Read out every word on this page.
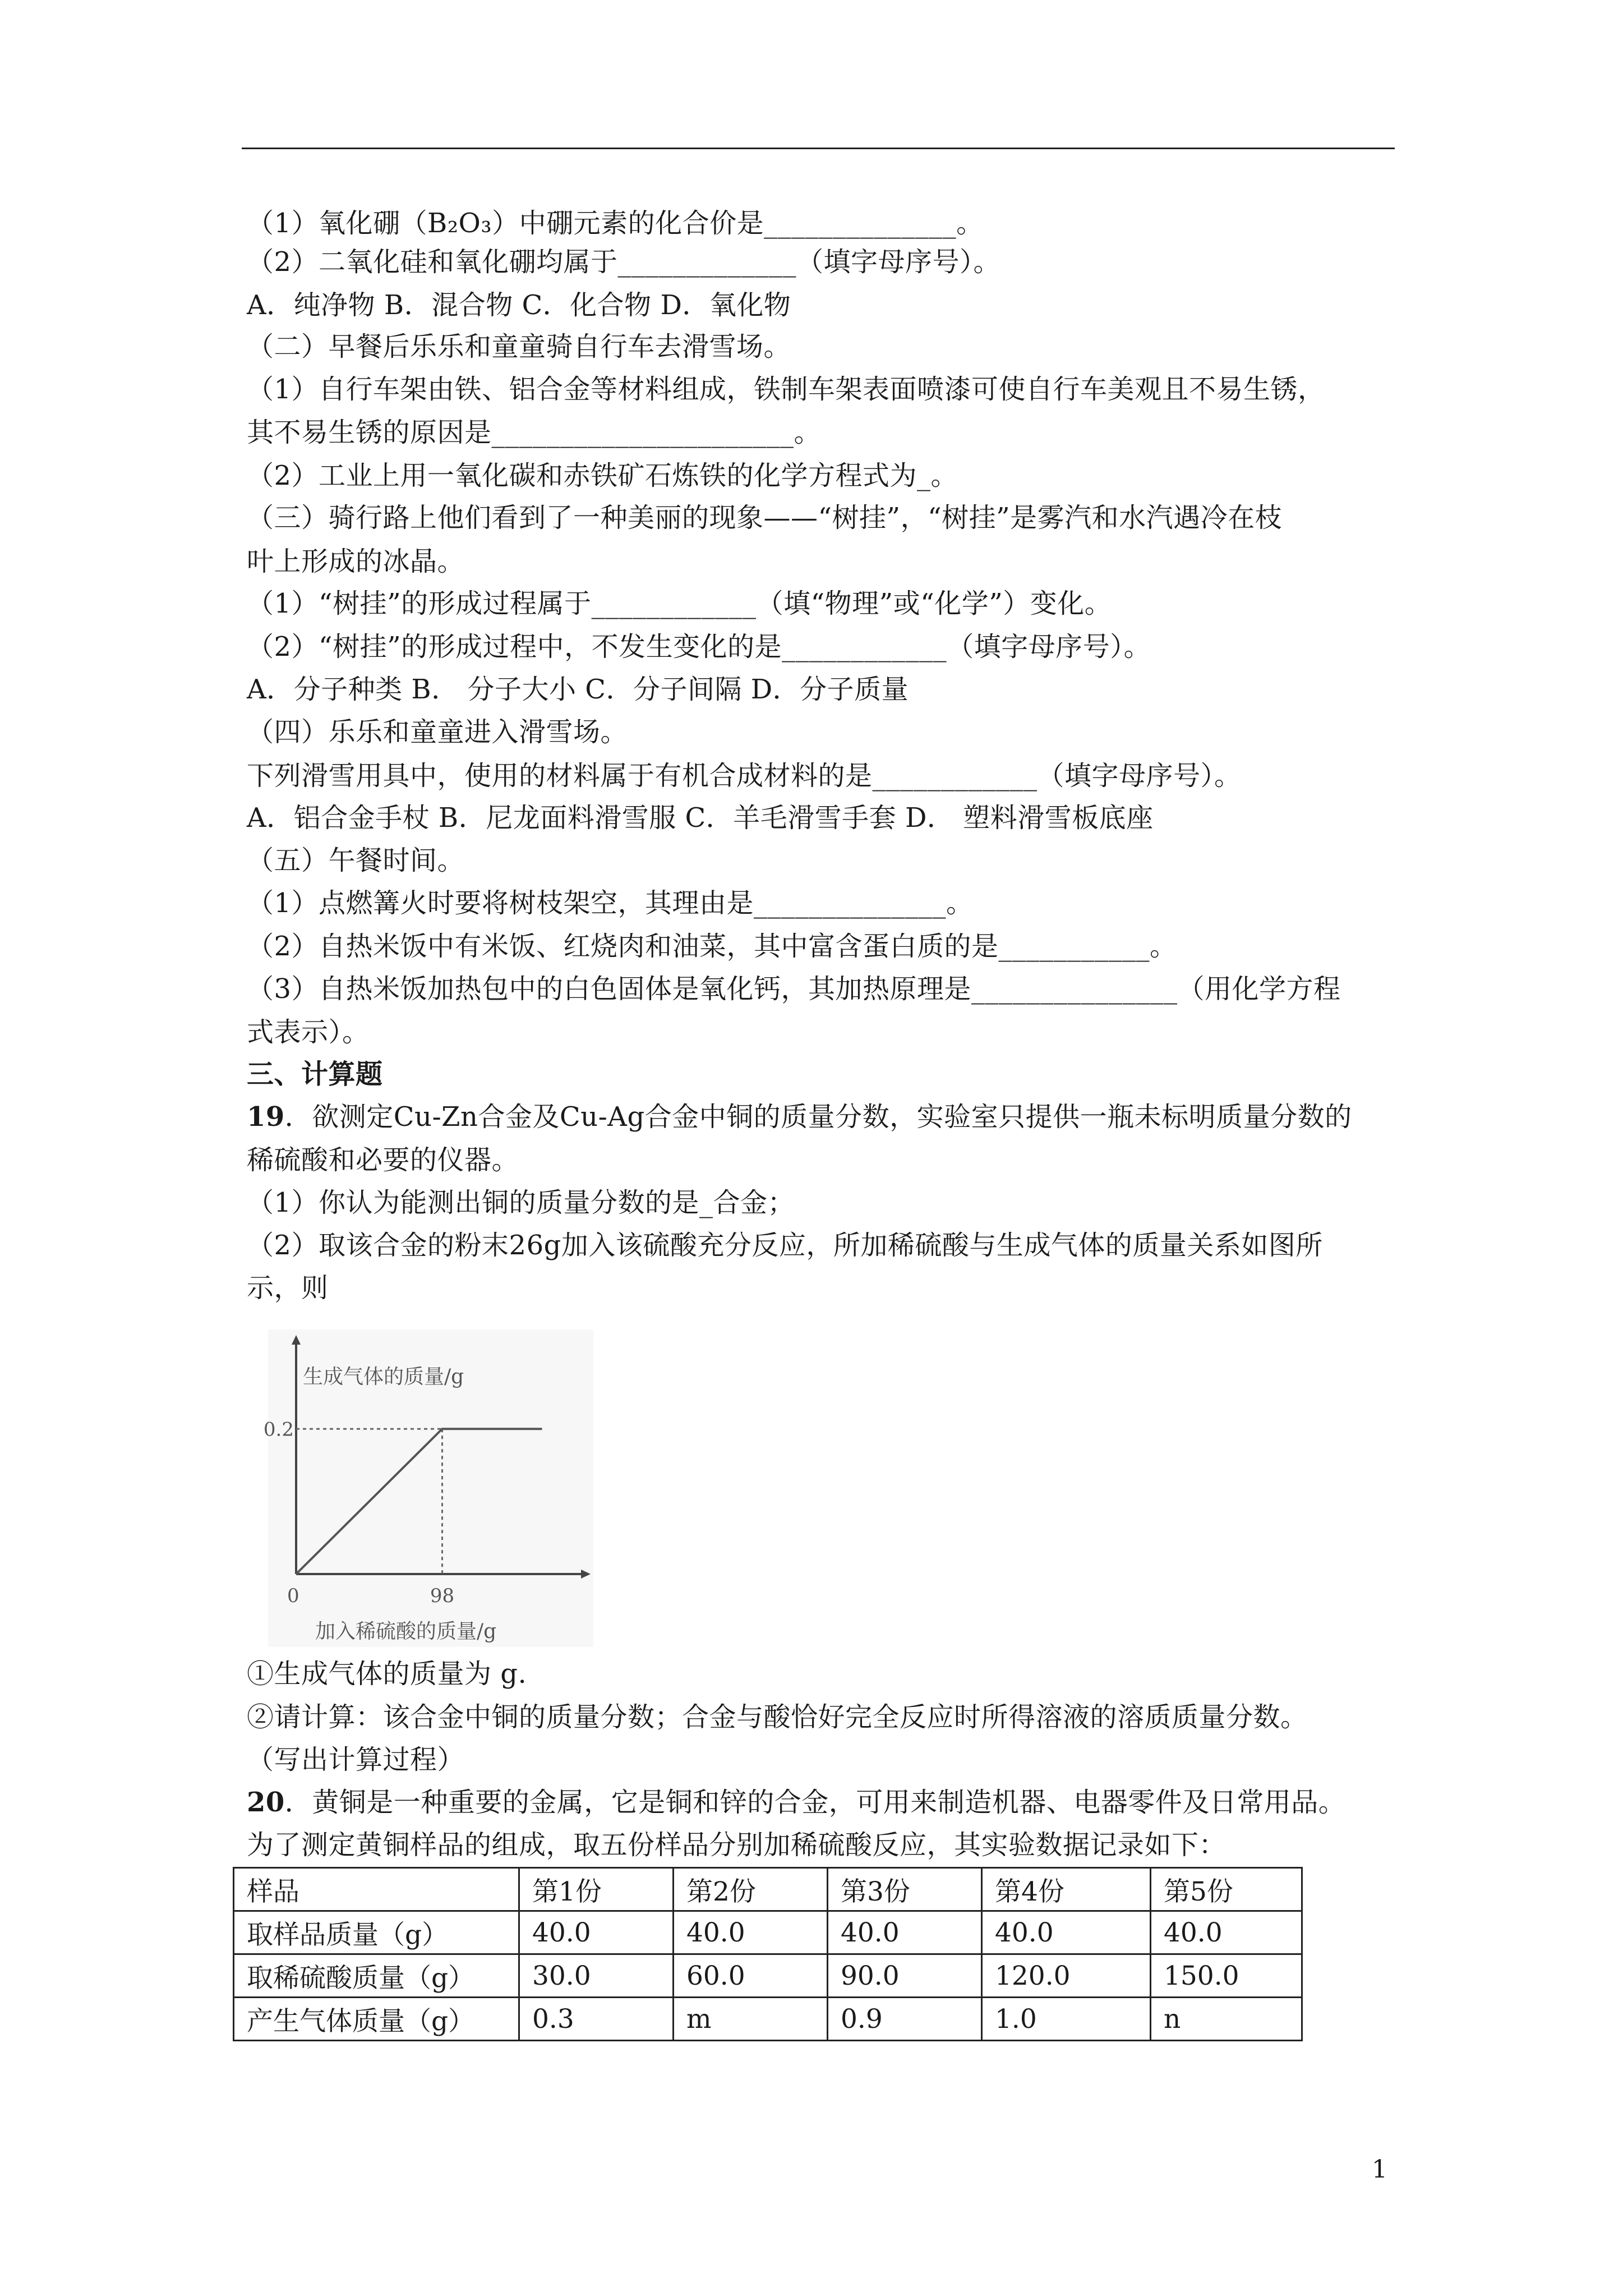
（1）氧化硼（B₂O₃）中硼元素的化合价是______________。
（2）二氧化硅和氧化硼均属于_____________（填字母序号）。
A．纯净物 B．混合物 C．化合物 D．氧化物
（二）早餐后乐乐和童童骑自行车去滑雪场。
（1）自行车架由铁、铝合金等材料组成，铁制车架表面喷漆可使自行车美观且不易生锈，
其不易生锈的原因是______________________。
（2）工业上用一氧化碳和赤铁矿石炼铁的化学方程式为_。
（三）骑行路上他们看到了一种美丽的现象——“树挂”，“树挂”是雾汽和水汽遇冷在枝
叶上形成的冰晶。
（1）“树挂”的形成过程属于____________（填“物理”或“化学”）变化。
（2）“树挂”的形成过程中，不发生变化的是____________（填字母序号）。
A．分子种类 B． 分子大小 C．分子间隔 D．分子质量
（四）乐乐和童童进入滑雪场。
下列滑雪用具中，使用的材料属于有机合成材料的是____________（填字母序号）。
A．铝合金手杖 B．尼龙面料滑雪服 C．羊毛滑雪手套 D． 塑料滑雪板底座
（五）午餐时间。
（1）点燃篝火时要将树枝架空，其理由是______________。
（2）自热米饭中有米饭、红烧肉和油菜，其中富含蛋白质的是___________。
（3）自热米饭加热包中的白色固体是氧化钙，其加热原理是_______________（用化学方程
式表示）。
三、计算题
19．欲测定Cu-Zn合金及Cu-Ag合金中铜的质量分数，实验室只提供一瓶未标明质量分数的
稀硫酸和必要的仪器。
（1）你认为能测出铜的质量分数的是_合金；
（2）取该合金的粉末26g加入该硫酸充分反应，所加稀硫酸与生成气体的质量关系如图所
示，则
生成气体的质量/g
加入稀硫酸的质量/g
0	98
0.2
①生成气体的质量为 g.
②请计算：该合金中铜的质量分数；合金与酸恰好完全反应时所得溶液的溶质质量分数。
（写出计算过程）
20．黄铜是一种重要的金属，它是铜和锌的合金，可用来制造机器、电器零件及日常用品。
为了测定黄铜样品的组成，取五份样品分别加稀硫酸反应，其实验数据记录如下：
样品	第1份	第2份	第3份	第4份	第5份
取样品质量（g）	40.0	40.0	40.0	40.0	40.0
取稀硫酸质量（g）	30.0	60.0	90.0	120.0	150.0
产生气体质量（g）	0.3	m	0.9	1.0	n
1
